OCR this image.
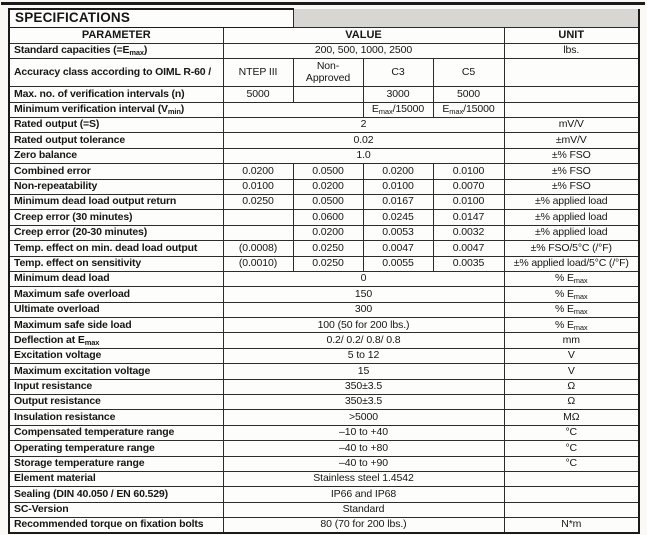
SPECIFICATIONS					
PARAMETER	VALUE				UNIT
Standard capacities $(=E_{max})$	200, 500, 1000, 2500				lbs.
Accuracy class according to OIML R-60 /	NTEP III	Non-Approved	C3	C5	
Max. no. of verification intervals (n)	5000		3000	5000	
Minimum verification interval $(V_{min})$			$E_{max}/15000$	$E_{max}/15000$	
Rated output (=S)	2				mV/V
Rated output tolerance	0.02				±mV/V
Zero balance	1.0				±% FSO
Combined error	0.0200	0.0500	0.0200	0.0100	±% FSO
Non-repeatability	0.0100	0.0200	0.0100	0.0070	±% FSO
Minimum dead load output return	0.0250	0.0500	0.0167	0.0100	±% applied load
Creep error (30 minutes)		0.0600	0.0245	0.0147	±% applied load
Creep error (20-30 minutes)		0.0200	0.0053	0.0032	±% applied load
Temp. effect on min. dead load output	(0.0008)	0.0250	0.0047	0.0047	±% FSO/5°C (/°F)
Temp. effect on sensitivity	(0.0010)	0.0250	0.0055	0.0035	±% applied load/5°C (/°F)
Minimum dead load	0				% $E_{max}$
Maximum safe overload	150				% $E_{max}$
Ultimate overload	300				% $E_{max}$
Maximum safe side load	100 (50 for 200 lbs.)				% $E_{max}$
Deflection at $E_{max}$	0.2/ 0.2/ 0.8/ 0.8				mm
Excitation voltage	5 to 12				V
Maximum excitation voltage	15				V
Input resistance	350±3.5				Ω
Output resistance	350±3.5				Ω
Insulation resistance	>5000				MΩ
Compensated temperature range	–10 to +40				°C
Operating temperature range	–40 to +80				°C
Storage temperature range	–40 to +90				°C
Element material	Stainless steel 1.4542				
Sealing (DIN 40.050 / EN 60.529)	IP66 and IP68				
SC-Version	Standard				
Recommended torque on fixation bolts	80 (70 for 200 lbs.)				N*m
